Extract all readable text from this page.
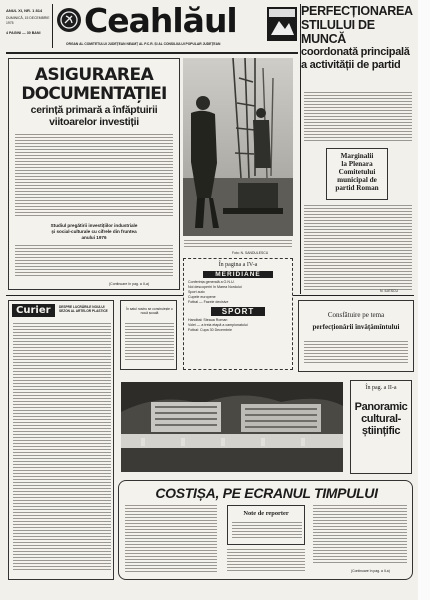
ANUL XI, NR. 1 814
DUMINICĂ, 15 DECEMBRIE 1975
4 PAGINI — 30 BANI Ceahlăul
ORGAN AL COMITETULUI JUDEȚEAN NEAMȚ AL P.C.R. ȘI AL CONSILIULUI POPULAR JUDEȚEAN
PERFECȚIONAREA
STILULUI DE MUNCĂ
coordonată principală
a activității de partid
ASIGURAREA
DOCUMENTAȚIEI
cerință primară a înfăptuirii
viitoarelor investiții
Studiul pregătirii investițiilor industriale
și social-culturale cu cifrele din fruntea
anului 1976
(Continuare în pag. a II-a)
Foto: N. SANDULESCU
Marginalii
la Plenara
Comitetului
municipal de
partid Roman
N. ILIESCU
Curier	DESPRE LUCRĂRILE NOULUI SEZON AL ARTELOR PLASTICE	În satul nostru se construiește o nouă școală
În pagina a IV-a
MERIDIANE
Conferința generală a O.N.U.
Noi descoperiri în Marea Nordului
Sport auto
Cupele europene
Fotbal — Fazele decisive
SPORT
Handbal: Steaua Roman
Volei — a treia etapă a campionatului
Fotbal: Cupa 30 Decembrie
Consfătuire pe tema
perfecționării învățămîntului
În pag. a II-a
Panoramic
cultural-
științific
COSTIȘA, PE ECRANUL TIMPULUI
Note de reporter
(Continuare în pag. a II-a)
